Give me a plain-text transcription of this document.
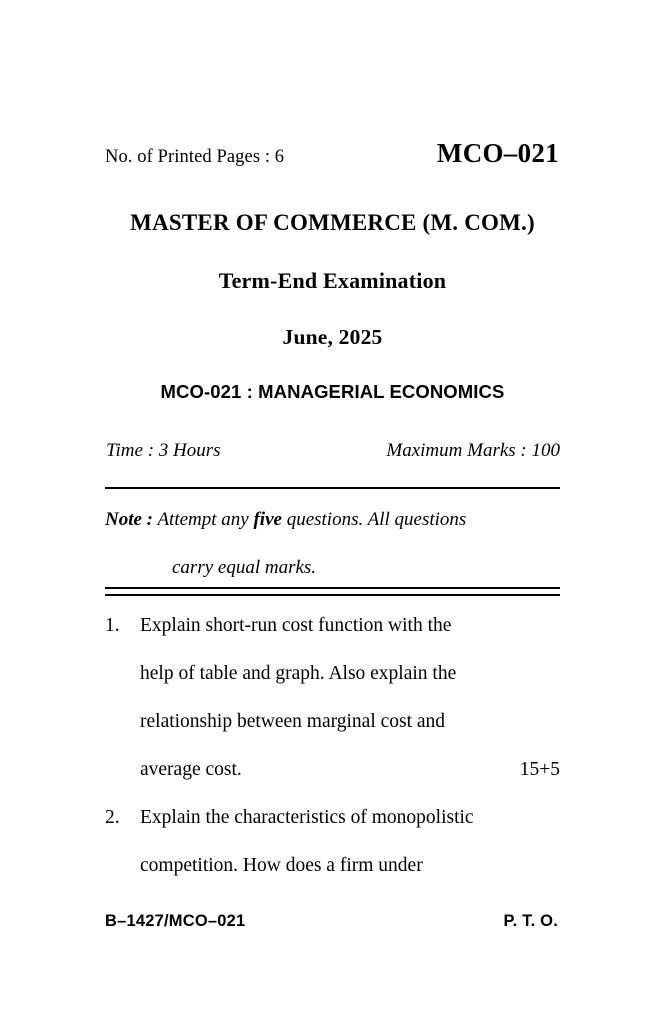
No. of Printed Pages : 6	MCO–021
MASTER OF COMMERCE (M. COM.)
Term-End Examination
June, 2025
MCO-021 : MANAGERIAL ECONOMICS
Time : 3 Hours	Maximum Marks : 100
Note : Attempt any five questions. All questions
carry equal marks.
1.	Explain short-run cost function with the
help of table and graph. Also explain the
relationship between marginal cost and
15+5
average cost.
2.	Explain the characteristics of monopolistic
competition. How does a firm under
B–1427/MCO–021	P. T. O.
